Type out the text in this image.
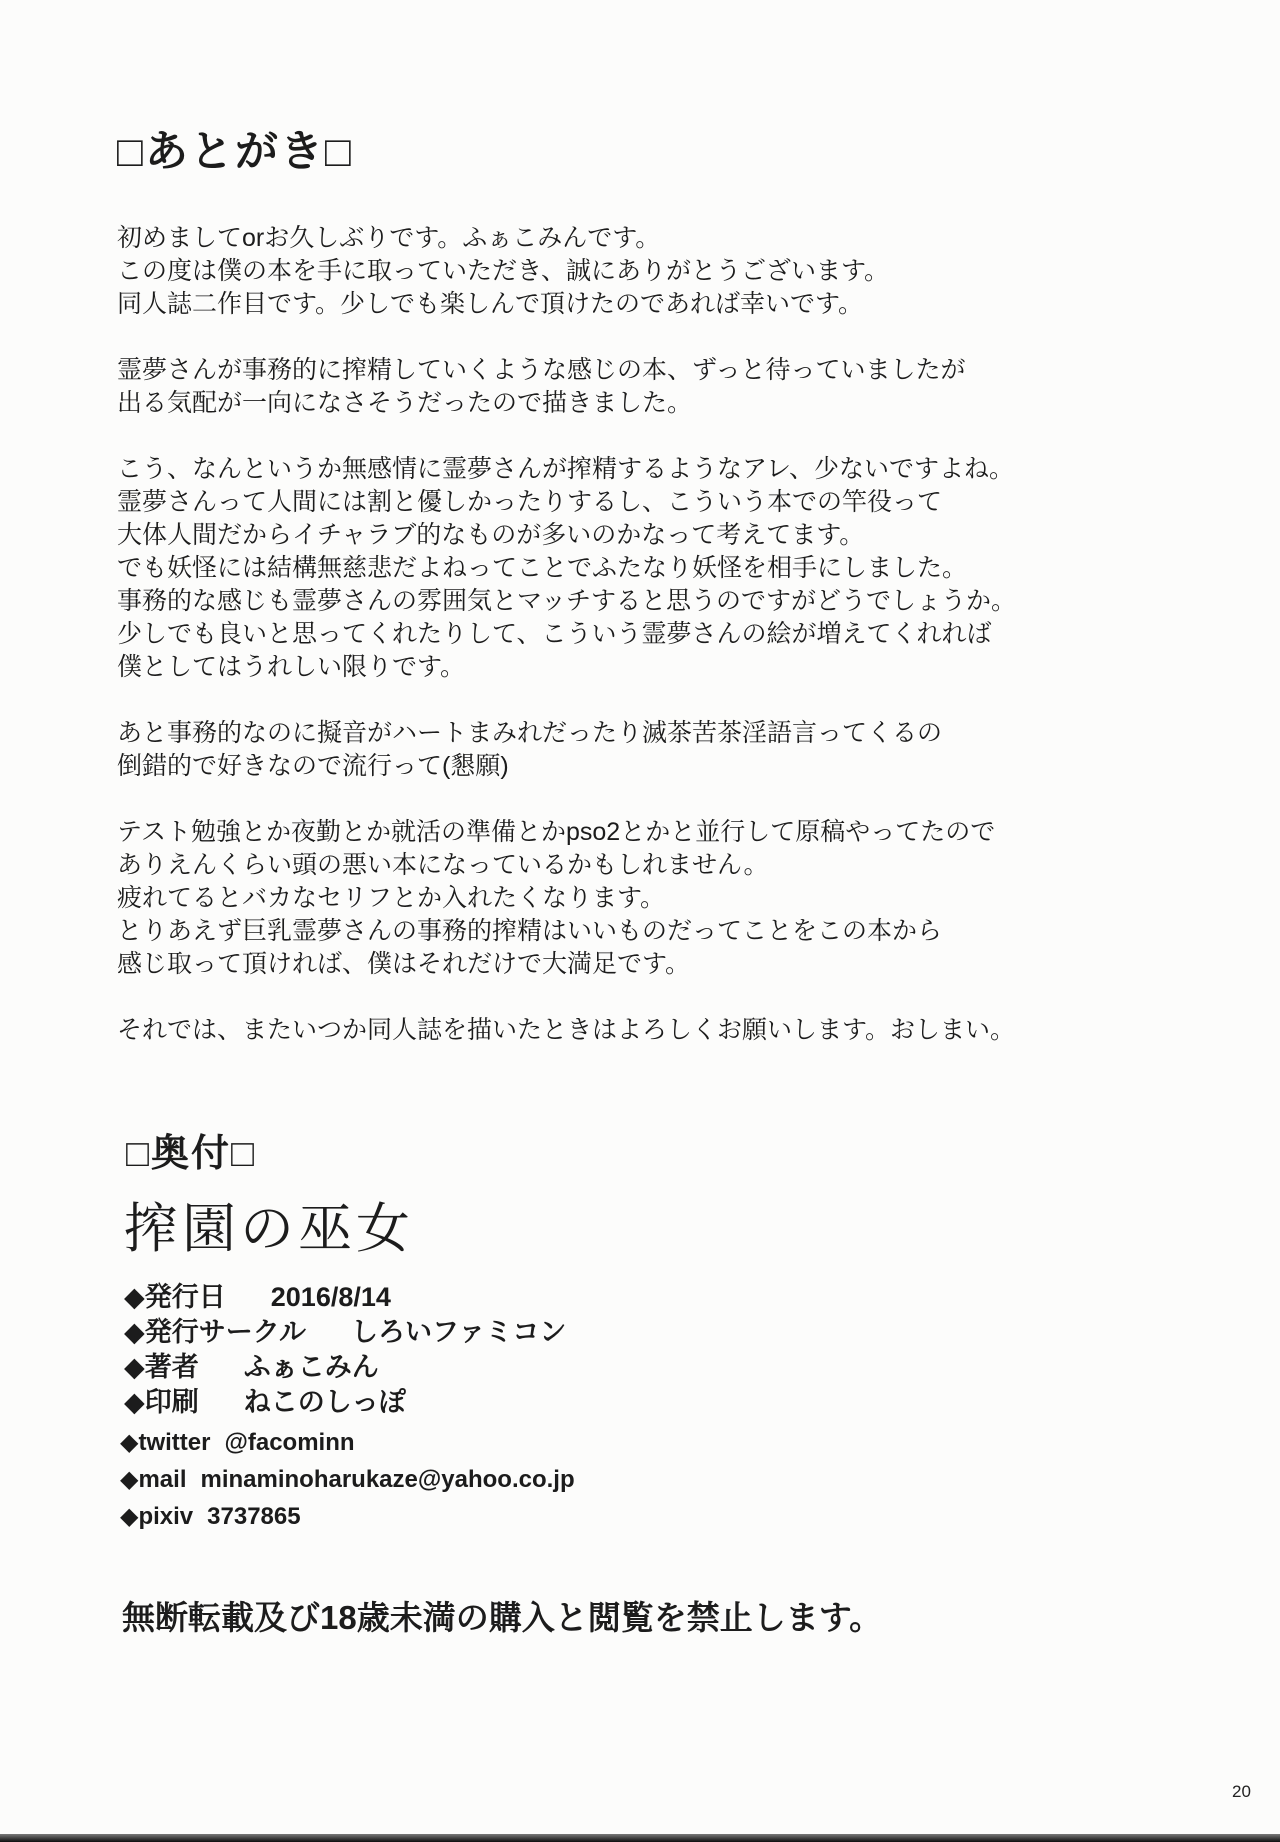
□あとがき□

初めましてorお久しぶりです。ふぁこみんです。
この度は僕の本を手に取っていただき、誠にありがとうございます。
同人誌二作目です。少しでも楽しんで頂けたのであれば幸いです。

霊夢さんが事務的に搾精していくような感じの本、ずっと待っていましたが
出る気配が一向になさそうだったので描きました。

こう、なんというか無感情に霊夢さんが搾精するようなアレ、少ないですよね。
霊夢さんって人間には割と優しかったりするし、こういう本での竿役って
大体人間だからイチャラブ的なものが多いのかなって考えてます。
でも妖怪には結構無慈悲だよねってことでふたなり妖怪を相手にしました。
事務的な感じも霊夢さんの雰囲気とマッチすると思うのですがどうでしょうか。
少しでも良いと思ってくれたりして、こういう霊夢さんの絵が増えてくれれば
僕としてはうれしい限りです。

あと事務的なのに擬音がハートまみれだったり滅茶苦茶淫語言ってくるの
倒錯的で好きなので流行って(懇願)

テスト勉強とか夜勤とか就活の準備とかpso2とかと並行して原稿やってたので
ありえんくらい頭の悪い本になっているかもしれません。
疲れてるとバカなセリフとか入れたくなります。
とりあえず巨乳霊夢さんの事務的搾精はいいものだってことをこの本から
感じ取って頂ければ、僕はそれだけで大満足です。

それでは、またいつか同人誌を描いたときはよろしくお願いします。おしまい。

□奥付□
搾園の巫女
◆発行日 2016/8/14
◆発行サークル しろいファミコン
◆著者 ふぁこみん
◆印刷 ねこのしっぽ
◆twitter @facominn
◆mail minaminoharukaze@yahoo.co.jp
◆pixiv 3737865
無断転載及び18歳未満の購入と閲覧を禁止します。
20
